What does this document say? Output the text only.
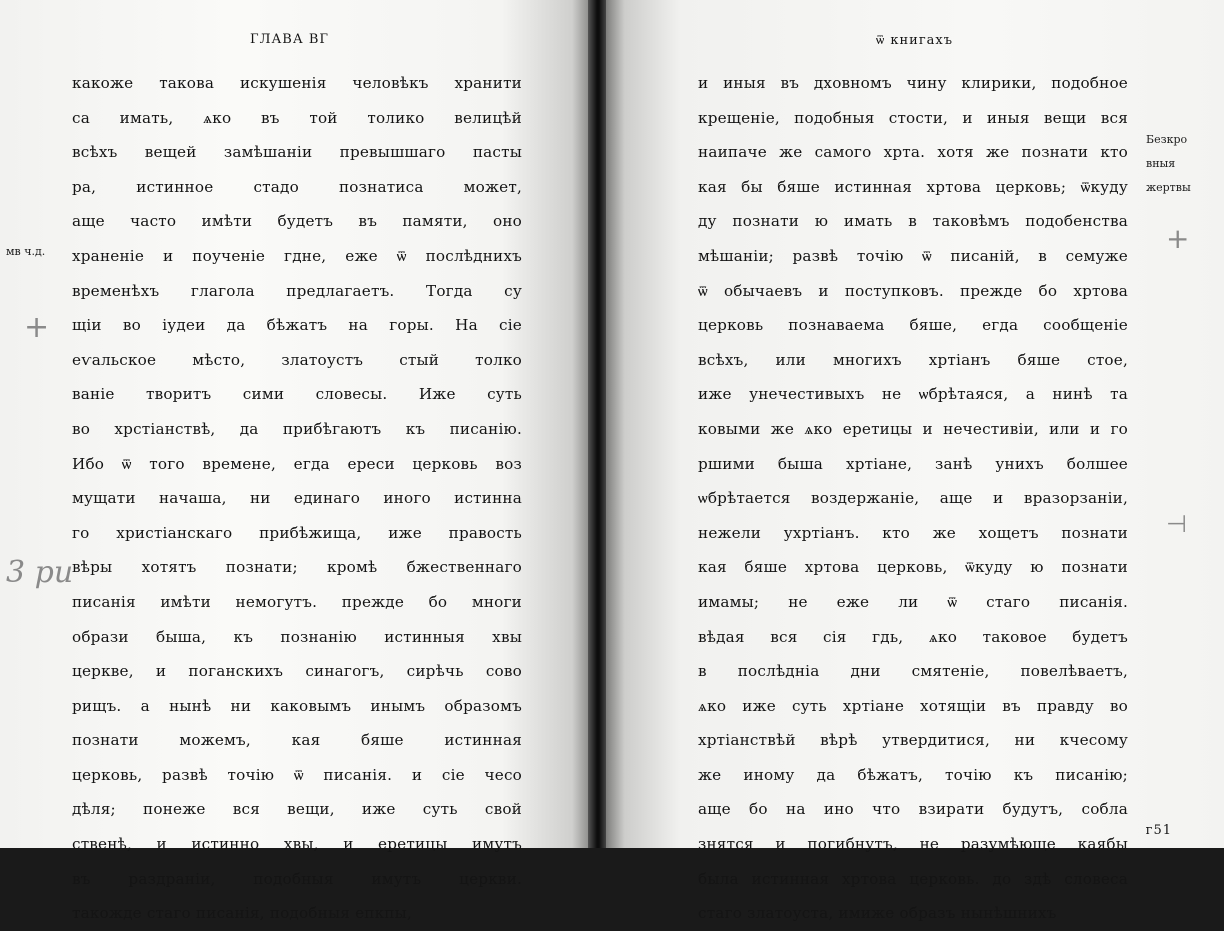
ГЛАВА ВГ
какоже такова искушенія человѣкъ хранити
са имать, ѧко въ той толико велицѣй
всѣхъ вещей замѣшаніи превышшаго пасты
ра, истинное стадо познатиса может,
аще часто имѣти будетъ въ памяти, оно
храненіе и поученіе гдне, еже ѿ послѣднихъ
временѣхъ глагола предлагаетъ. Тогда су
щіи во іудеи да бѣжатъ на горы. На сіе
еѵальское мѣсто, златоустъ стый толко
ваніе творитъ сими словесы. Иже суть
во хрстіанствѣ, да прибѣгаютъ къ писанію.
Ибо ѿ того времене, егда ереси церковь воз
мущати начаша, ни единаго иного истинна
го христіанскаго прибѣжища, иже правость
вѣры хотятъ познати; кромѣ бжественнаго
писанія имѣти немогутъ. прежде бо многи
образи быша, къ познанію истинныя хвы
церкве, и поганскихъ синагогъ, сирѣчь сово
рищъ. а нынѣ ни каковымъ инымъ образомъ
познати можемъ, кая бяше истинная
церковь, развѣ точію ѿ писанія. и сіе чесо
дѣля; понеже вся вещи, иже суть свой
ственѣ, и истинно хвы, и еретицы имутъ
въ раздраніи, подобныя имутъ церкви.
такожде стаго писанія, подобныя епкпы,
мв ч.д.
+
3 ри
ѿ книгахъ
и иныя въ дховномъ чину клирики, подобное
крещеніе, подобныя стости, и иныя вещи вся
наипаче же самого хрта. хотя же познати кто
кая бы бяше истинная хртова церковь; ѿкуду
ду познати ю имать в таковѣмъ подобенства
мѣшаніи; развѣ точію ѿ писаній, в семуже
ѿ обычаевъ и поступковъ. прежде бо хртова
церковь познаваема бяше, егда сообщеніе
всѣхъ, или многихъ хртіанъ бяше стое,
иже унечестивыхъ не ѡбрѣтаяся, а нинѣ та
ковыми же ѧко еретицы и нечестивіи, или и го
ршими быша хртіане, занѣ унихъ болшее
ѡбрѣтается воздержаніе, аще и вразорзаніи,
нежели ухртіанъ. кто же хощетъ познати
кая бяше хртова церковь, ѿкуду ю познати
имамы; не еже ли ѿ стаго писанія.
вѣдая вся сія гдь, ѧко таковое будетъ
в послѣдніа дни смятеніе, повелѣваетъ,
ѧко иже суть хртіане хотящіи въ правду во
хртіанствѣй вѣрѣ утвердитися, ни кчесому
же иному да бѣжатъ, точію къ писанію;
аще бо на ино что взирати будутъ, собла
знятся и погибнутъ, не разумѣюще каябы
была истинная хртова церковь. до здѣ словеса
стаго златоуста, имиже образъ нынѣшнихъ
Безкро вныя жертвы
+
⊣
г51
